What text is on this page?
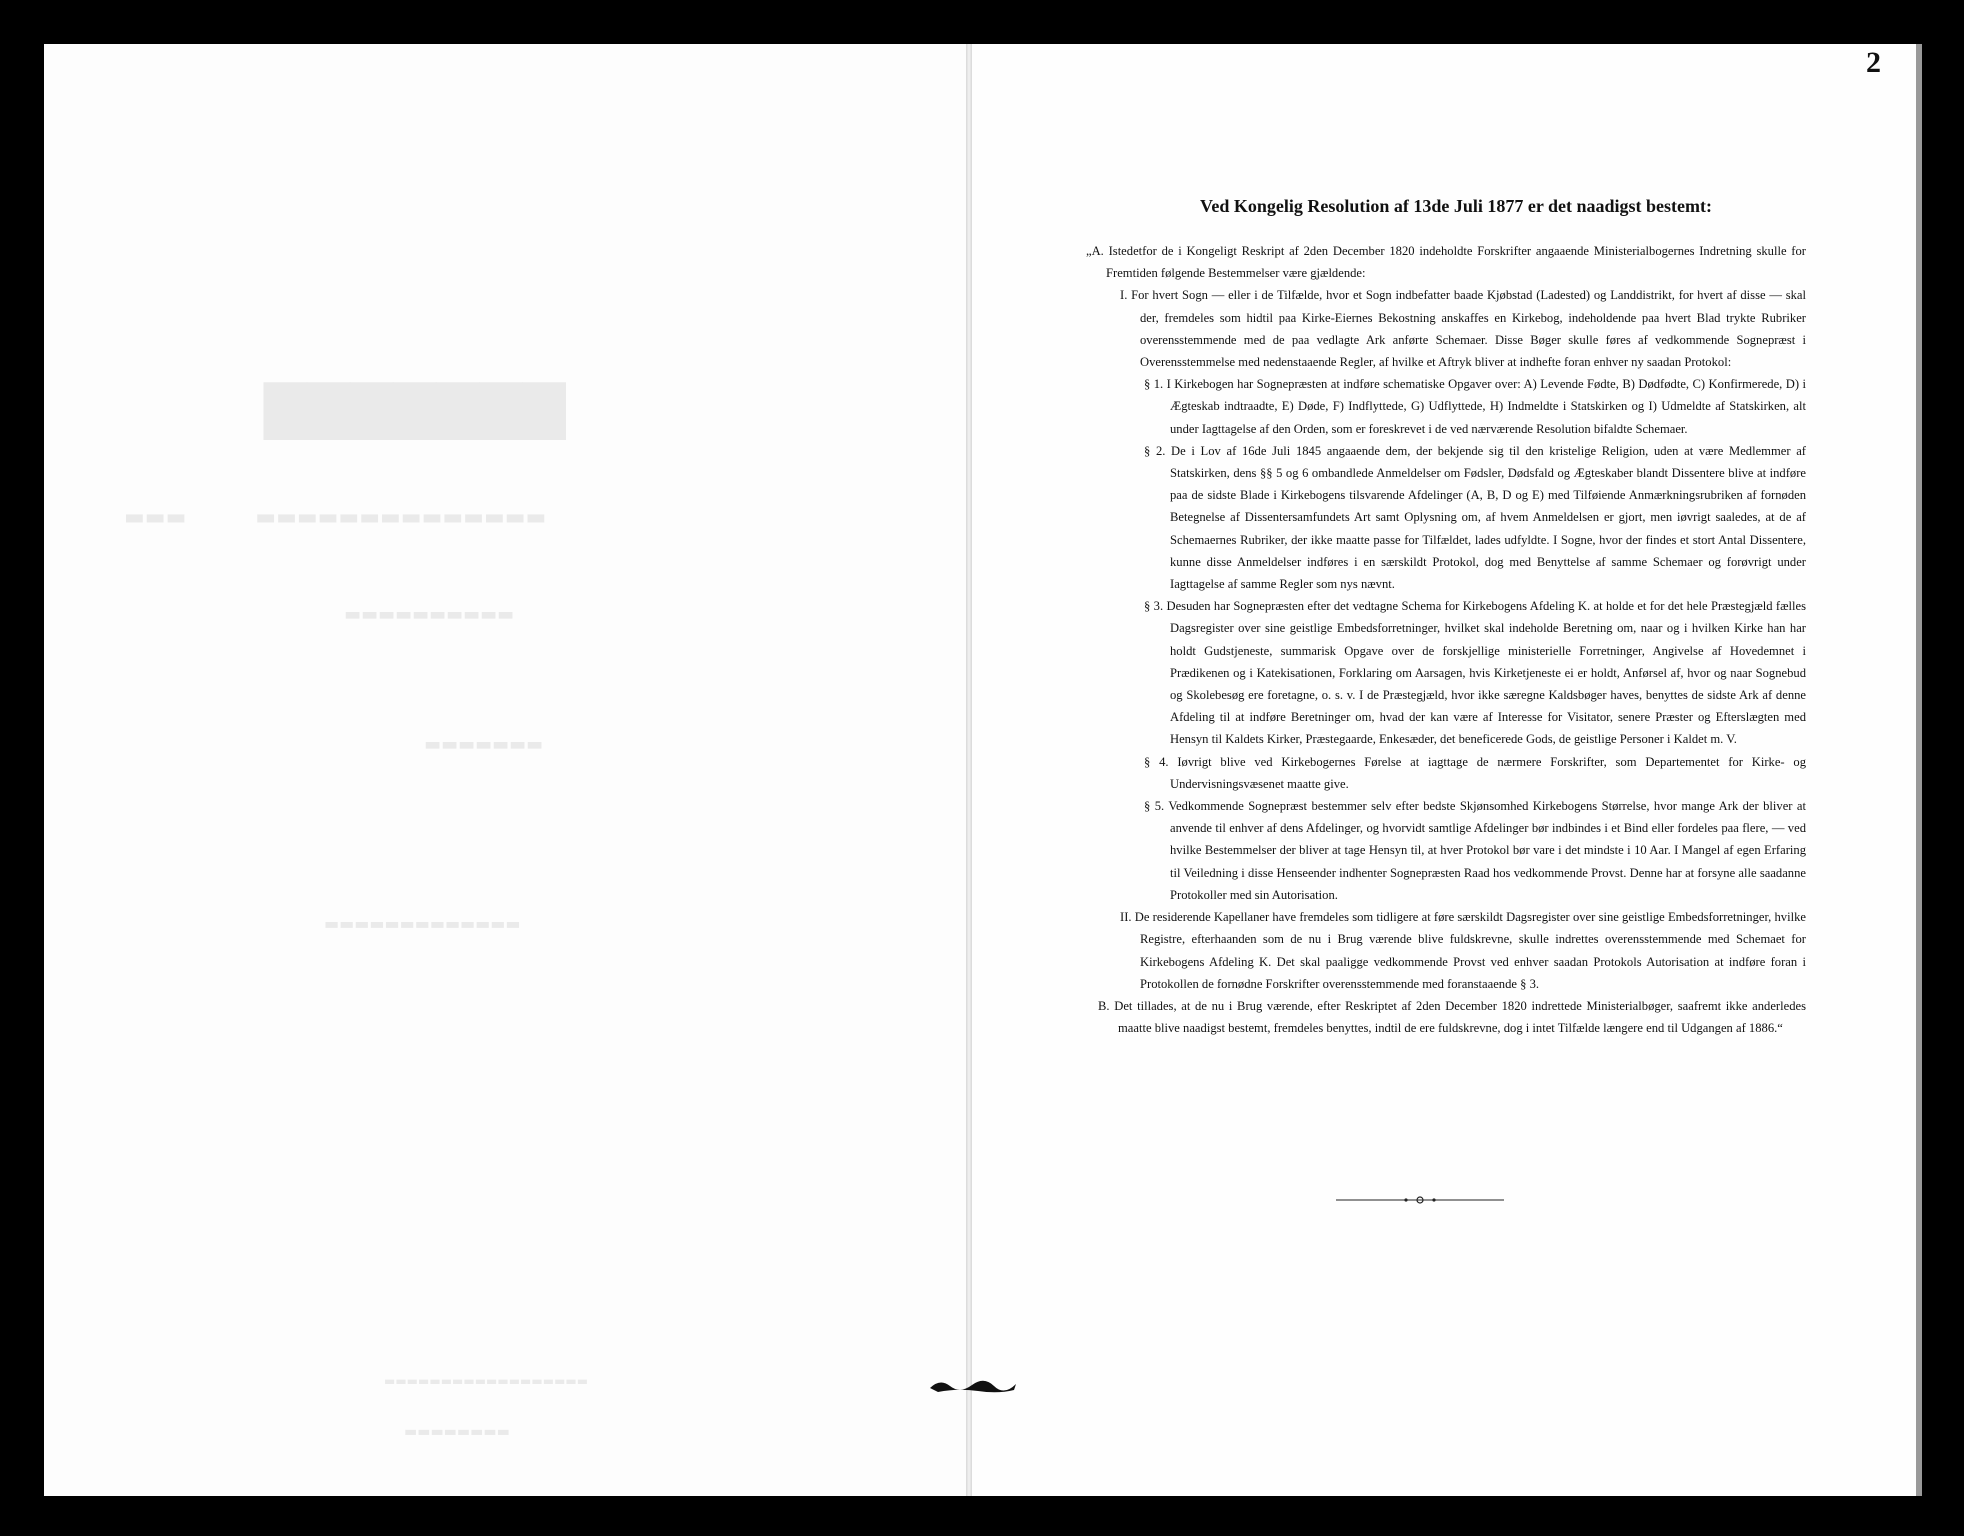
▇▇▇▇▇▇▇
▬▬▬         ▬▬▬▬▬▬▬▬▬▬▬▬▬▬
▬▬▬▬▬▬▬▬▬▬
▬▬▬▬▬▬▬
▬▬▬▬▬▬▬▬▬▬▬▬▬
▬▬▬▬▬▬▬▬▬▬▬▬▬▬▬▬▬▬
▬▬▬▬▬▬▬▬
2
Ved Kongelig Resolution af 13de Juli 1877 er det naadigst bestemt:

„A. Istedetfor de i Kongeligt Reskript af 2den December 1820 indeholdte Forskrifter angaaende Ministerialbogernes Indretning skulle for Fremtiden følgende Bestemmelser være gjældende:

I. For hvert Sogn — eller i de Tilfælde, hvor et Sogn indbefatter baade Kjøbstad (Ladested) og Landdistrikt, for hvert af disse — skal der, fremdeles som hidtil paa Kirke-Eiernes Bekostning anskaffes en Kirkebog, indeholdende paa hvert Blad trykte Rubriker overensstemmende med de paa vedlagte Ark anførte Schemaer. Disse Bøger skulle føres af vedkommende Sognepræst i Overensstemmelse med nedenstaaende Regler, af hvilke et Aftryk bliver at indhefte foran enhver ny saadan Protokol:

§ 1. I Kirkebogen har Sognepræsten at indføre schematiske Opgaver over: A) Levende Fødte, B) Dødfødte, C) Konfirmerede, D) i Ægteskab indtraadte, E) Døde, F) Indflyttede, G) Udflyttede, H) Indmeldte i Statskirken og I) Udmeldte af Statskirken, alt under Iagttagelse af den Orden, som er foreskrevet i de ved nærværende Resolution bifaldte Schemaer.

§ 2. De i Lov af 16de Juli 1845 angaaende dem, der bekjende sig til den kristelige Religion, uden at være Medlemmer af Statskirken, dens §§ 5 og 6 ombandlede Anmeldelser om Fødsler, Dødsfald og Ægteskaber blandt Dissentere blive at indføre paa de sidste Blade i Kirkebogens tilsvarende Afdelinger (A, B, D og E) med Tilføiende Anmærkningsrubriken af fornøden Betegnelse af Dissentersamfundets Art samt Oplysning om, af hvem Anmeldelsen er gjort, men iøvrigt saaledes, at de af Schemaernes Rubriker, der ikke maatte passe for Tilfældet, lades udfyldte. I Sogne, hvor der findes et stort Antal Dissentere, kunne disse Anmeldelser indføres i en særskildt Protokol, dog med Benyttelse af samme Schemaer og forøvrigt under Iagttagelse af samme Regler som nys nævnt.

§ 3. Desuden har Sognepræsten efter det vedtagne Schema for Kirkebogens Afdeling K. at holde et for det hele Præstegjæld fælles Dagsregister over sine geistlige Embedsforretninger, hvilket skal indeholde Beretning om, naar og i hvilken Kirke han har holdt Gudstjeneste, summarisk Opgave over de forskjellige ministerielle Forretninger, Angivelse af Hovedemnet i Prædikenen og i Katekisationen, Forklaring om Aarsagen, hvis Kirketjeneste ei er holdt, Anførsel af, hvor og naar Sognebud og Skolebesøg ere foretagne, o. s. v. I de Præstegjæld, hvor ikke særegne Kaldsbøger haves, benyttes de sidste Ark af denne Afdeling til at indføre Beretninger om, hvad der kan være af Interesse for Visitator, senere Præster og Efterslægten med Hensyn til Kaldets Kirker, Præstegaarde, Enkesæder, det beneficerede Gods, de geistlige Personer i Kaldet m. V.

§ 4. Iøvrigt blive ved Kirkebogernes Førelse at iagttage de nærmere Forskrifter, som Departementet for Kirke- og Undervisningsvæsenet maatte give.

§ 5. Vedkommende Sognepræst bestemmer selv efter bedste Skjønsomhed Kirkebogens Størrelse, hvor mange Ark der bliver at anvende til enhver af dens Afdelinger, og hvorvidt samtlige Afdelinger bør indbindes i et Bind eller fordeles paa flere, — ved hvilke Bestemmelser der bliver at tage Hensyn til, at hver Protokol bør vare i det mindste i 10 Aar. I Mangel af egen Erfaring til Veiledning i disse Henseender indhenter Sognepræsten Raad hos vedkommende Provst. Denne har at forsyne alle saadanne Protokoller med sin Autorisation.

II. De residerende Kapellaner have fremdeles som tidligere at føre særskildt Dagsregister over sine geistlige Embedsforretninger, hvilke Registre, efterhaanden som de nu i Brug værende blive fuldskrevne, skulle indrettes overensstemmende med Schemaet for Kirkebogens Afdeling K. Det skal paaligge vedkommende Provst ved enhver saadan Protokols Autorisation at indføre foran i Protokollen de fornødne Forskrifter overensstemmende med foranstaaende § 3.

B. Det tillades, at de nu i Brug værende, efter Reskriptet af 2den December 1820 indrettede Ministerialbøger, saafremt ikke anderledes maatte blive naadigst bestemt, fremdeles benyttes, indtil de ere fuldskrevne, dog i intet Tilfælde længere end til Udgangen af 1886.“
